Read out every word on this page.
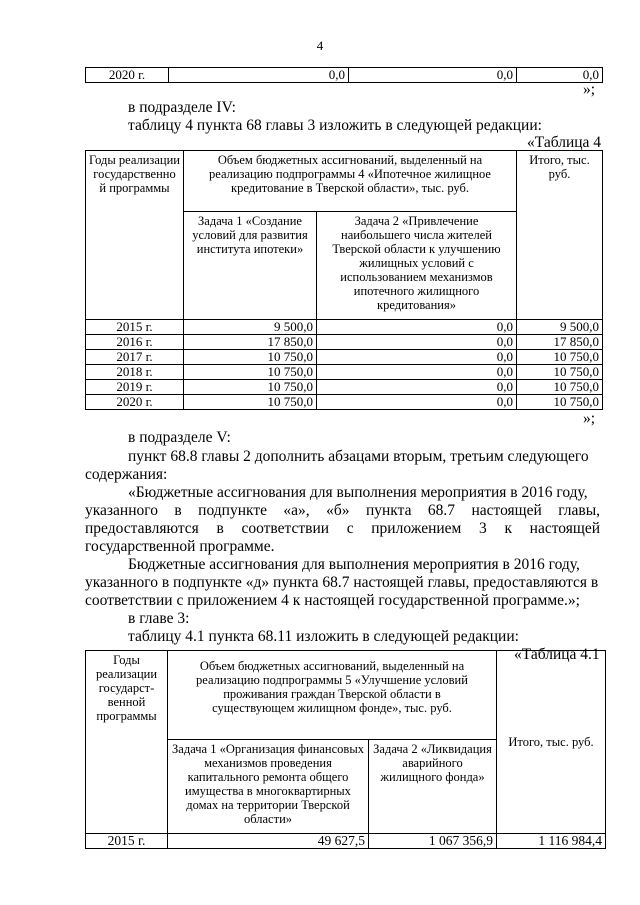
4
2020 г.	0,0	0,0	0,0
»;
в подразделе IV:
таблицу 4 пункта 68 главы 3 изложить в следующей редакции:
«Таблица 4
Годы реализации государственно й программы	Объем бюджетных ассигнований, выделенный на реализацию подпрограммы 4 «Ипотечное жилищное кредитование в Тверской области», тыс. руб.		Итого, тыс. руб.
	Задача 1 «Создание условий для развития института ипотеки»	Задача 2 «Привлечение наибольшего числа жителей Тверской области к улучшению жилищных условий с использованием механизмов ипотечного жилищного кредитования»	
2015 г.	9 500,0	0,0	9 500,0
2016 г.	17 850,0	0,0	17 850,0
2017 г.	10 750,0	0,0	10 750,0
2018 г.	10 750,0	0,0	10 750,0
2019 г.	10 750,0	0,0	10 750,0
2020 г.	10 750,0	0,0	10 750,0
»;
в подразделе V:
пункт 68.8 главы 2 дополнить абзацами вторым, третьим следующего
содержания:
«Бюджетные ассигнования для выполнения мероприятия в 2016 году,
указанного в подпункте «а», «б» пункта 68.7 настоящей главы,
предоставляются в соответствии с приложением 3 к настоящей
государственной программе.
Бюджетные ассигнования для выполнения мероприятия в 2016 году,
указанного в подпункте «д» пункта 68.7 настоящей главы, предоставляются в
соответствии с приложением 4 к настоящей государственной программе.»;
в главе 3:
таблицу 4.1 пункта 68.11 изложить в следующей редакции:
«Таблица 4.1
Годы реализации государст-венной программы	Объем бюджетных ассигнований, выделенный на реализацию подпрограммы 5 «Улучшение условий проживания граждан Тверской области в существующем жилищном фонде», тыс. руб.		Итого, тыс. руб.
	Задача 1 «Организация финансовых механизмов проведения капитального ремонта общего имущества в многоквартирных домах на территории Тверской области»	Задача 2 «Ликвидация аварийного жилищного фонда»	
2015 г.	49 627,5	1 067 356,9	1 116 984,4
